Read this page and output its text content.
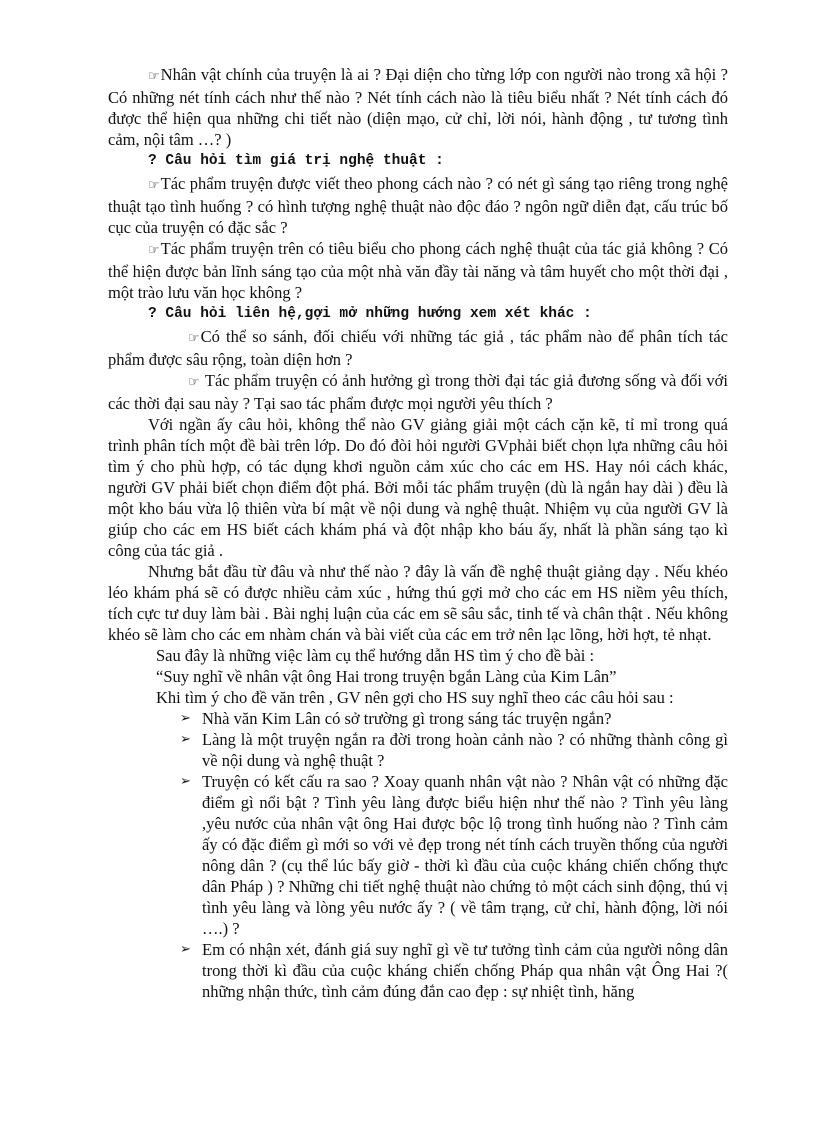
☞Nhân vật chính của truyện là ai ? Đại diện cho từng lớp con người nào trong xã hội ? Có những nét tính cách như thế nào ? Nét tính cách nào là tiêu biểu nhất ? Nét tính cách đó được thể hiện qua những chi tiết nào (diện mạo, cử chỉ, lời nói, hành động , tư tương tình cảm, nội tâm …? )

? Câu hỏi tìm giá trị nghệ thuật :

☞Tác phẩm truyện được viết theo phong cách nào ? có nét gì sáng tạo riêng trong nghệ thuật tạo tình huống ? có hình tượng nghệ thuật nào độc đáo ? ngôn ngữ diễn đạt, cấu trúc bố cục của truyện có đặc sắc ?

☞Tác phẩm truyện trên có tiêu biểu cho phong cách nghệ thuật của tác giả không ? Có thể hiện được bản lĩnh sáng tạo của một nhà văn đầy tài năng và tâm huyết cho một thời đại , một trào lưu văn học không ?

? Câu hỏi liên hệ,gợi mở những hướng xem xét khác :

☞Có thể so sánh, đối chiếu với những tác giả , tác phẩm nào để phân tích tác phẩm được sâu rộng, toàn diện hơn ?

☞ Tác phẩm truyện có ảnh hưởng gì trong thời đại tác giả đương sống và đối với các thời đại sau này ? Tại sao tác phẩm được mọi người yêu thích ?

Với ngần ấy câu hỏi, không thể nào GV giảng giải một cách cặn kẽ, tỉ mỉ trong quá trình phân tích một đề bài trên lớp. Do đó đòi hỏi người GVphải biết chọn lựa những câu hỏi tìm ý cho phù hợp, có tác dụng khơi nguồn cảm xúc cho các em HS. Hay nói cách khác, người GV phải biết chọn điểm đột phá. Bởi mỗi tác phẩm truyện (dù là ngắn hay dài ) đều là một kho báu vừa lộ thiên vừa bí mật về nội dung và nghệ thuật. Nhiệm vụ của người GV là giúp cho các em HS biết cách khám phá và đột nhập kho báu ấy, nhất là phần sáng tạo kì công của tác giả .

Nhưng bắt đầu từ đâu và như thế nào ? đây là vấn đề nghệ thuật giảng dạy . Nếu khéo léo khám phá sẽ có được nhiều cảm xúc , hứng thú gợi mở cho các em HS niềm yêu thích, tích cực tư duy làm bài . Bài nghị luận của các em sẽ sâu sắc, tinh tế và chân thật . Nếu không khéo sẽ làm cho các em nhàm chán và bài viết của các em trở nên lạc lõng, hời hợt, tẻ nhạt.

Sau đây là những việc làm cụ thể hướng dẫn HS tìm ý cho đề bài :

“Suy nghĩ về nhân vật ông Hai trong truyện bgắn Làng của Kim Lân”

Khi tìm ý cho đề văn trên , GV nên gợi cho HS suy nghĩ theo các câu hỏi sau :

➢ Nhà văn Kim Lân có sở trường gì trong sáng tác truyện ngắn?
➢ Làng là một truyện ngắn ra đời trong hoàn cảnh nào ? có những thành công gì về nội dung và nghệ thuật ?
➢ Truyện có kết cấu ra sao ? Xoay quanh nhân vật nào ? Nhân vật có những đặc điểm gì nổi bật ? Tình yêu làng được biểu hiện như thế nào ? Tình yêu làng ,yêu nước của nhân vật ông Hai được bộc lộ trong tình huống nào ? Tình cảm ấy có đặc điểm gì mới so với vẻ đẹp trong nét tính cách truyền thống của người nông dân ? (cụ thể lúc bấy giờ - thời kì đầu của cuộc kháng chiến chống thực dân Pháp ) ? Những chi tiết nghệ thuật nào chứng tỏ một cách sinh động, thú vị tình yêu làng và lòng yêu nước ấy ? ( về tâm trạng, cử chỉ, hành động, lời nói ….) ?
➢ Em có nhận xét, đánh giá suy nghĩ gì về tư tưởng tình cảm của người nông dân trong thời kì đầu của cuộc kháng chiến chống Pháp qua nhân vật Ông Hai ?( những nhận thức, tình cảm đúng đắn cao đẹp : sự nhiệt tình, hăng
